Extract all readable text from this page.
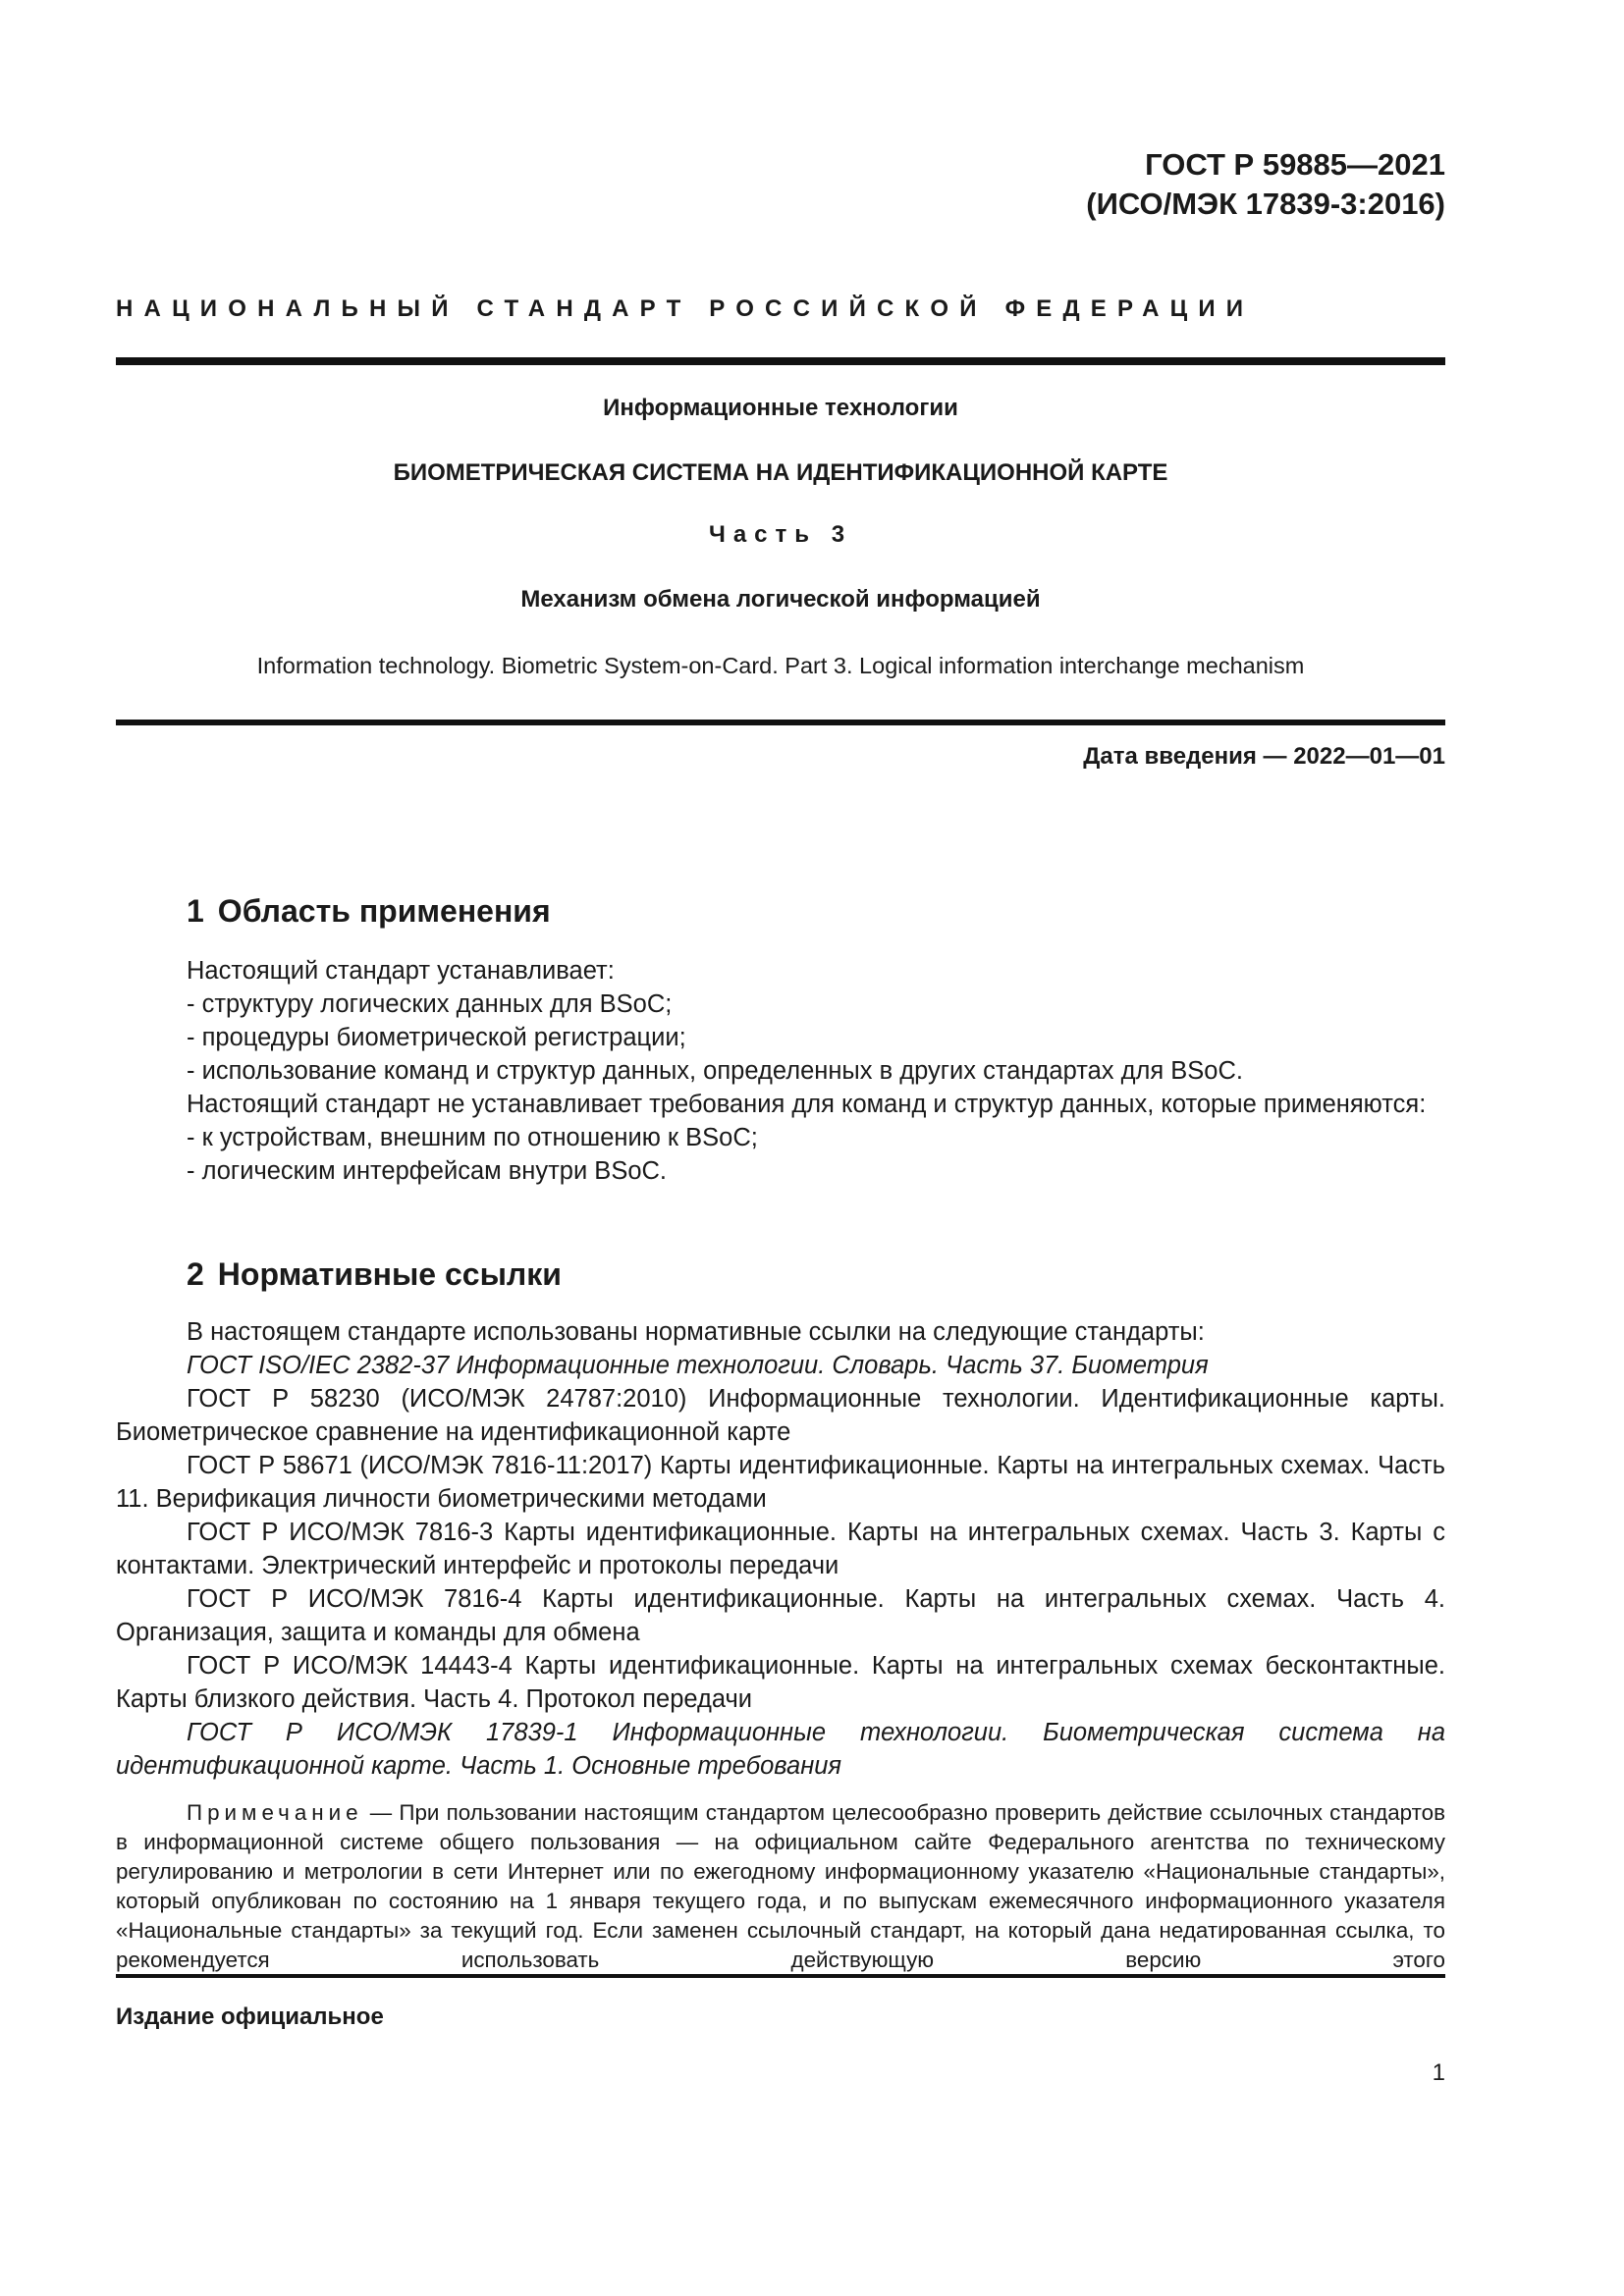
ГОСТ Р 59885—2021
(ИСО/МЭК 17839-3:2016)
НАЦИОНАЛЬНЫЙ СТАНДАРТ РОССИЙСКОЙ ФЕДЕРАЦИИ
Информационные технологии
БИОМЕТРИЧЕСКАЯ СИСТЕМА НА ИДЕНТИФИКАЦИОННОЙ КАРТЕ
Часть 3
Механизм обмена логической информацией
Information technology. Biometric System-on-Card. Part 3. Logical information interchange mechanism
Дата введения — 2022—01—01
1 Область применения

Настоящий стандарт устанавливает:

- структуру логических данных для BSoC;

- процедуры биометрической регистрации;

- использование команд и структур данных, определенных в других стандартах для BSoC.

Настоящий стандарт не устанавливает требования для команд и структур данных, которые применяются:

- к устройствам, внешним по отношению к BSoC;

- логическим интерфейсам внутри BSoC.

2 Нормативные ссылки

В настоящем стандарте использованы нормативные ссылки на следующие стандарты:

ГОСТ ISO/IEC 2382-37 Информационные технологии. Словарь. Часть 37. Биометрия

ГОСТ Р 58230 (ИСО/МЭК 24787:2010) Информационные технологии. Идентификационные карты. Биометрическое сравнение на идентификационной карте

ГОСТ Р 58671 (ИСО/МЭК 7816-11:2017) Карты идентификационные. Карты на интегральных схемах. Часть 11. Верификация личности биометрическими методами

ГОСТ Р ИСО/МЭК 7816-3 Карты идентификационные. Карты на интегральных схемах. Часть 3. Карты с контактами. Электрический интерфейс и протоколы передачи

ГОСТ Р ИСО/МЭК 7816-4 Карты идентификационные. Карты на интегральных схемах. Часть 4. Организация, защита и команды для обмена

ГОСТ Р ИСО/МЭК 14443-4 Карты идентификационные. Карты на интегральных схемах бесконтактные. Карты близкого действия. Часть 4. Протокол передачи

ГОСТ Р ИСО/МЭК 17839-1 Информационные технологии. Биометрическая система на идентификационной карте. Часть 1. Основные требования

Примечание — При пользовании настоящим стандартом целесообразно проверить действие ссылочных стандартов в информационной системе общего пользования — на официальном сайте Федерального агентства по техническому регулированию и метрологии в сети Интернет или по ежегодному информационному указателю «Национальные стандарты», который опубликован по состоянию на 1 января текущего года, и по выпускам ежемесячного информационного указателя «Национальные стандарты» за текущий год. Если заменен ссылочный стандарт, на который дана недатированная ссылка, то рекомендуется использовать действующую версию этого

Издание официальное
1
